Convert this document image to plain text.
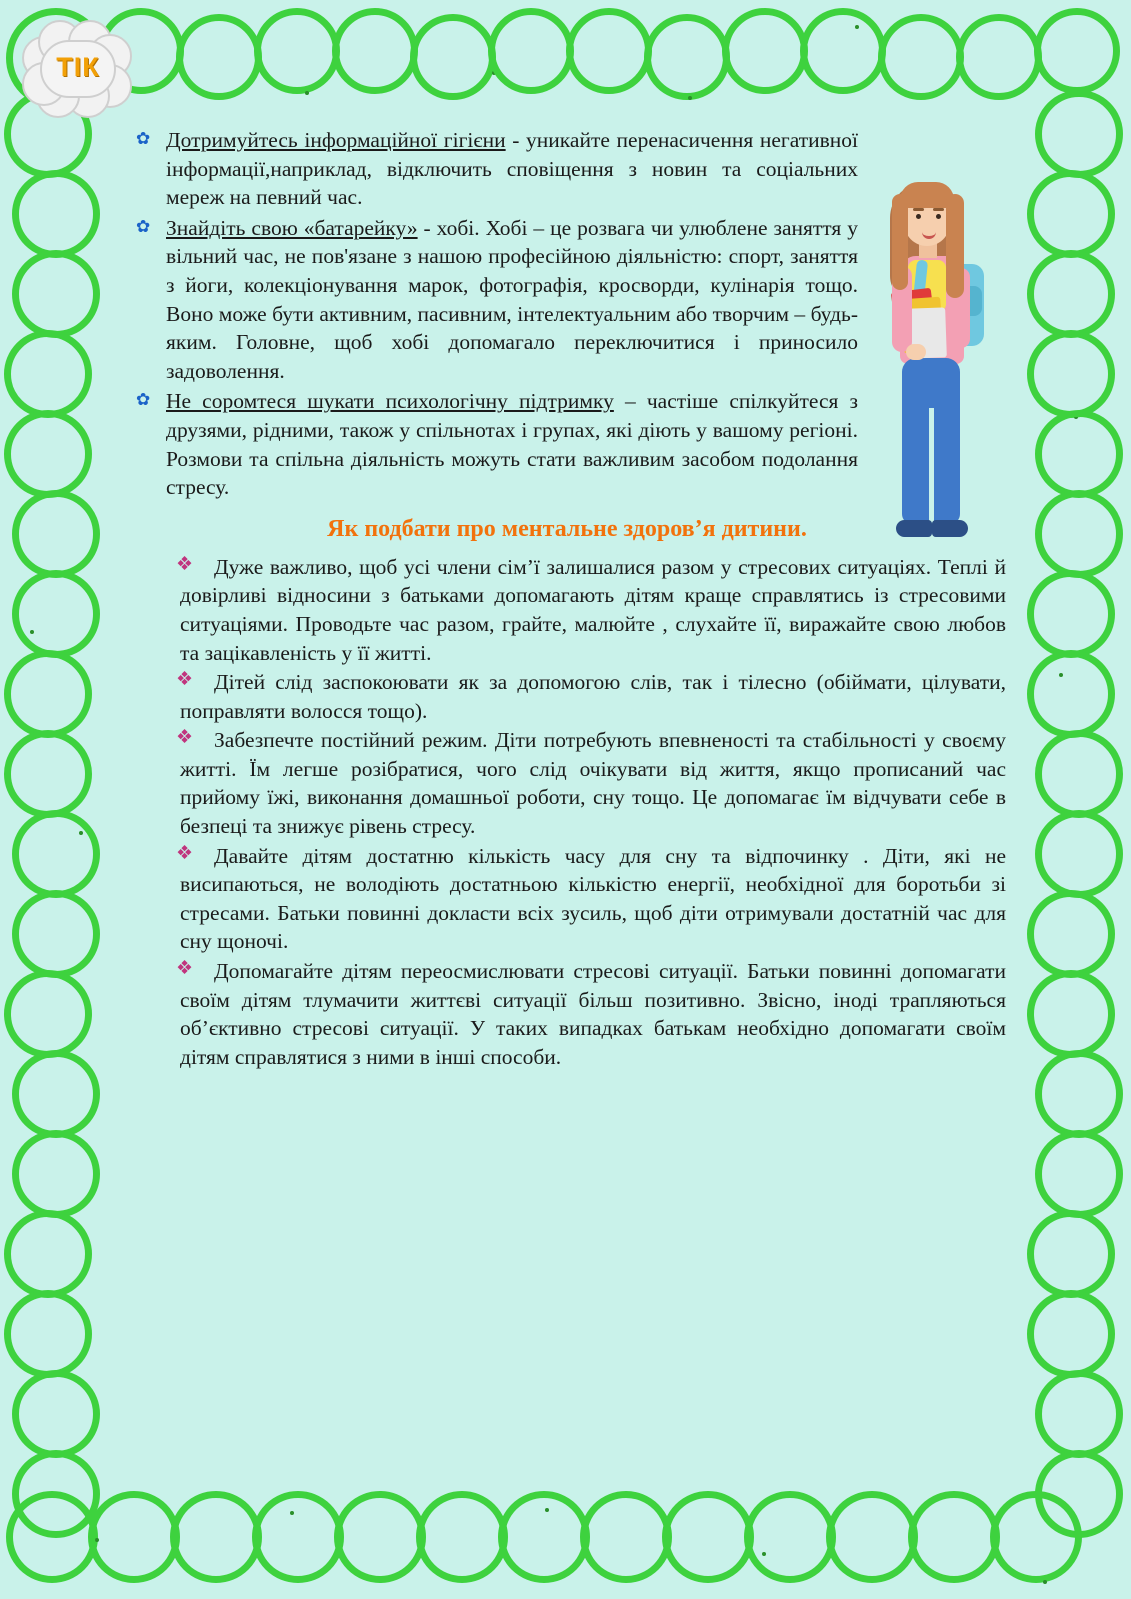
ТІК
✿ Дотримуйтесь інформаційної гігієни - уникайте перенасичення негативної інформації,наприклад, відключить сповіщення з новин та соціальних мереж на певний час.
✿ Знайдіть свою «батарейку» - хобі. Хобі – це розвага чи улюблене заняття у вільний час, не пов'язане з нашою професійною діяльністю: спорт, заняття з йоги, колекціонування марок, фотографія, кросворди, кулінарія тощо. Воно може бути активним, пасивним, інтелектуальним або творчим – будь-яким. Головне, щоб хобі допомагало переключитися і приносило задоволення.
✿ Не соромтеся шукати психологічну підтримку – частіше спілкуйтеся з друзями, рідними, також у спільнотах і групах, які діють у вашому регіоні. Розмови та спільна діяльність можуть стати важливим засобом подолання стресу.
Як подбати про ментальне здоров’я дитини.
❖ Дуже важливо, щоб усі члени сім’ї залишалися разом у стресових ситуаціях. Теплі й довірливі відносини з батьками допомагають дітям краще справлятись із стресовими ситуаціями. Проводьте час разом, грайте, малюйте , слухайте її, виражайте свою любов та зацікавленість у її житті.
❖ Дітей слід заспокоювати як за допомогою слів, так і тілесно (обіймати, цілувати, поправляти волосся тощо).
❖ Забезпечте постійний режим. Діти потребують впевненості та стабільності у своєму житті. Їм легше розібратися, чого слід очікувати від життя, якщо прописаний час прийому їжі, виконання домашньої роботи, сну тощо. Це допомагає їм відчувати себе в безпеці та знижує рівень стресу.
❖ Давайте дітям достатню кількість часу для сну та відпочинку . Діти, які не висипаються, не володіють достатньою кількістю енергії, необхідної для боротьби зі стресами. Батьки повинні докласти всіх зусиль, щоб діти отримували достатній час для сну щоночі.
❖ Допомагайте дітям переосмислювати стресові ситуації. Батьки повинні допомагати своїм дітям тлумачити життєві ситуації більш позитивно. Звісно, іноді трапляються об’єктивно стресові ситуації. У таких випадках батькам необхідно допомагати своїм дітям справлятися з ними в інші способи.
